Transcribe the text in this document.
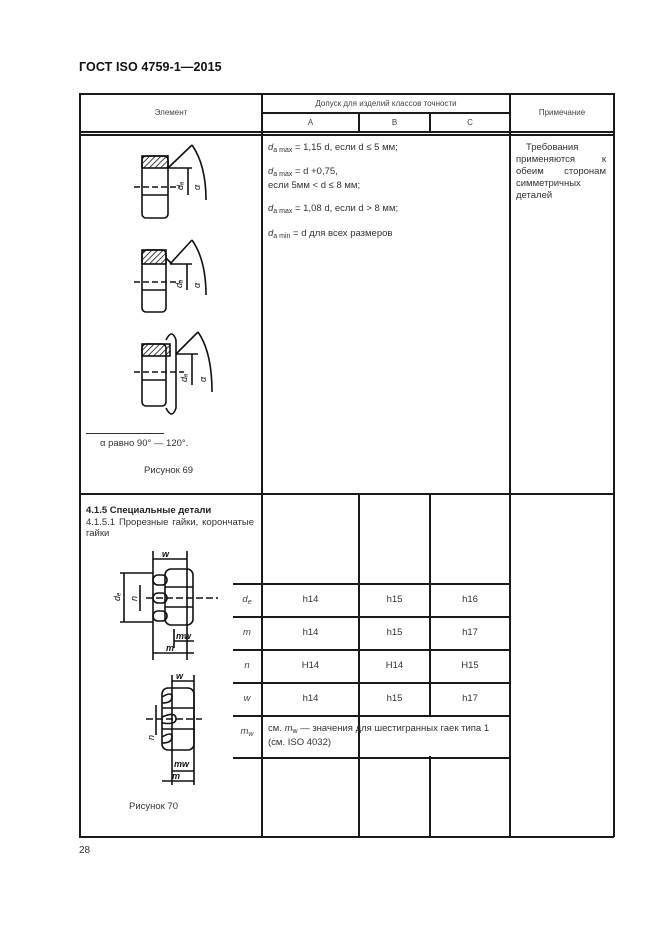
ГОСТ ISO 4759-1—2015
Элемент
Допуск для изделий классов точности
A	B	C
Примечание
dₐ α
dₐ α
dₐ α
α равно 90° — 120°.
Рисунок 69
$d_{a max} = 1,15$ d, если d ≤ 5 мм;
$d_{a max} = d +0,75$,
если 5мм < d ≤ 8 мм;
$d_{a max} = 1,08$ d, если d > 8 мм;
$d_{a min} = d$ для всех размеров
Требования применяются к обеим сторонам симметричных деталей
4.1.5 Специальные детали
4.1.5.1 Прорезные гайки, корончатые гайки
w
dₑ n
mw
m
w
n
mw
m
Рисунок 70
$d_e$	h14	h15	h16
m	h14	h15	h17
n	H14	H14	H15
w	h14	h15	h17
$m_w$
см. $m_w$ — значения для шестигранных гаек типа 1
(см. ISO 4032)
28
